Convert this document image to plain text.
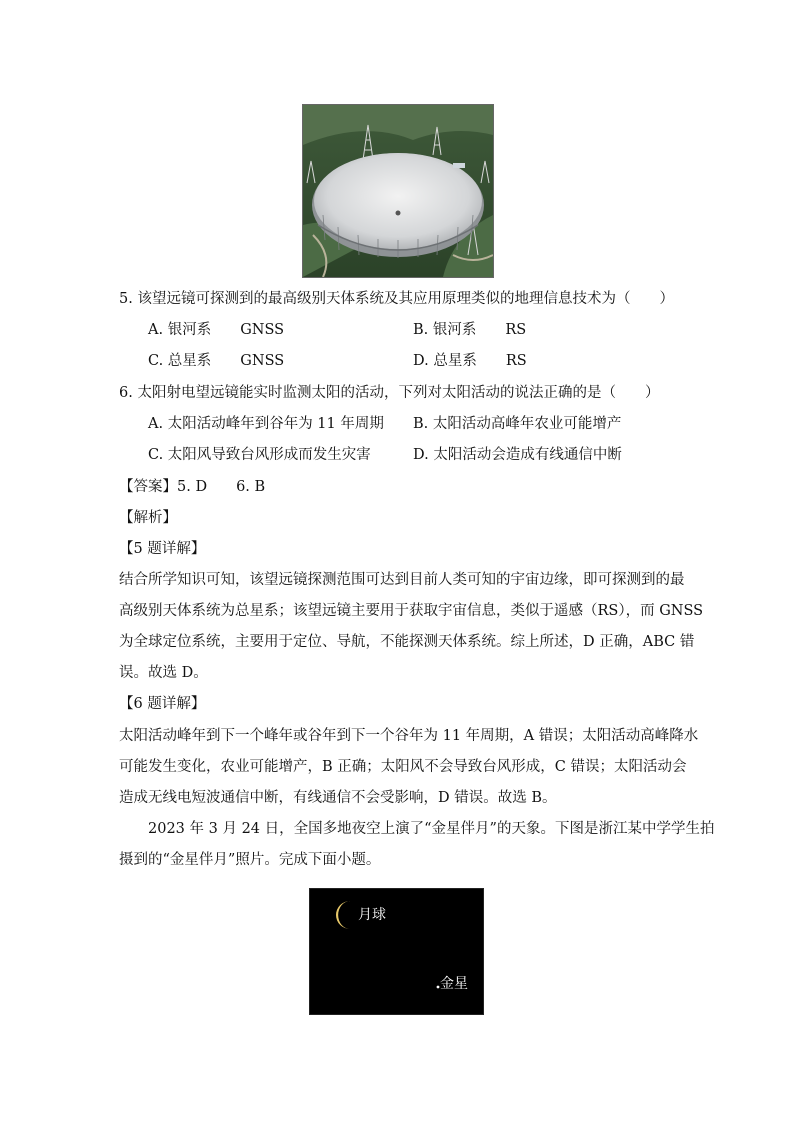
5. 该望远镜可探测到的最高级别天体系统及其应用原理类似的地理信息技术为（　　）
A. 银河系　　GNSS	B. 银河系　　RS
C. 总星系　　GNSS	D. 总星系　　RS
6. 太阳射电望远镜能实时监测太阳的活动，下列对太阳活动的说法正确的是（　　）
A. 太阳活动峰年到谷年为 11 年周期 B. 太阳活动高峰年农业可能增产
C. 太阳风导致台风形成而发生灾害	D. 太阳活动会造成有线通信中断
【答案】5. D　　6. B
【解析】
【5 题详解】
结合所学知识可知，该望远镜探测范围可达到目前人类可知的宇宙边缘，即可探测到的最
高级别天体系统为总星系；该望远镜主要用于获取宇宙信息，类似于遥感（RS），而 GNSS
为全球定位系统，主要用于定位、导航，不能探测天体系统。综上所述，D 正确，ABC 错
误。故选 D。
【6 题详解】
太阳活动峰年到下一个峰年或谷年到下一个谷年为 11 年周期，A 错误；太阳活动高峰降水
可能发生变化，农业可能增产，B 正确；太阳风不会导致台风形成，C 错误；太阳活动会
造成无线电短波通信中断，有线通信不会受影响，D 错误。故选 B。
　　2023 年 3 月 24 日，全国多地夜空上演了“金星伴月”的天象。下图是浙江某中学学生拍
摄到的“金星伴月”照片。完成下面小题。
月球
金星
